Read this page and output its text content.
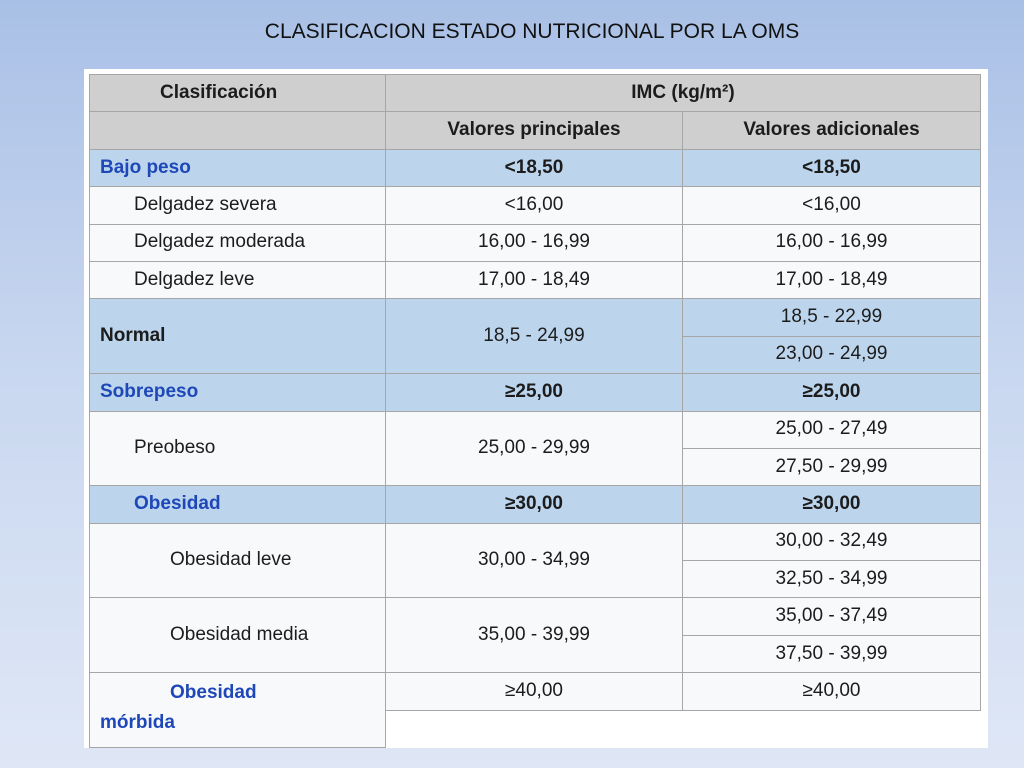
CLASIFICACION ESTADO NUTRICIONAL POR LA OMS
Clasificación	IMC (kg/m²)	
	Valores principales	Valores adicionales
Bajo peso	<18,50	<18,50
Delgadez severa	<16,00	<16,00
Delgadez moderada	16,00 - 16,99	16,00 - 16,99
Delgadez leve	17,00 - 18,49	17,00 - 18,49
Normal	18,5 - 24,99	18,5 - 22,99
		23,00 - 24,99
Sobrepeso	≥25,00	≥25,00
Preobeso	25,00 - 29,99	25,00 - 27,49
		27,50 - 29,99
Obesidad	≥30,00	≥30,00
Obesidad leve	30,00 - 34,99	30,00 - 32,49
		32,50 - 34,99
Obesidad media	35,00 - 39,99	35,00 - 37,49
		37,50 - 39,99
Obesidad
mórbida	≥40,00	≥40,00
